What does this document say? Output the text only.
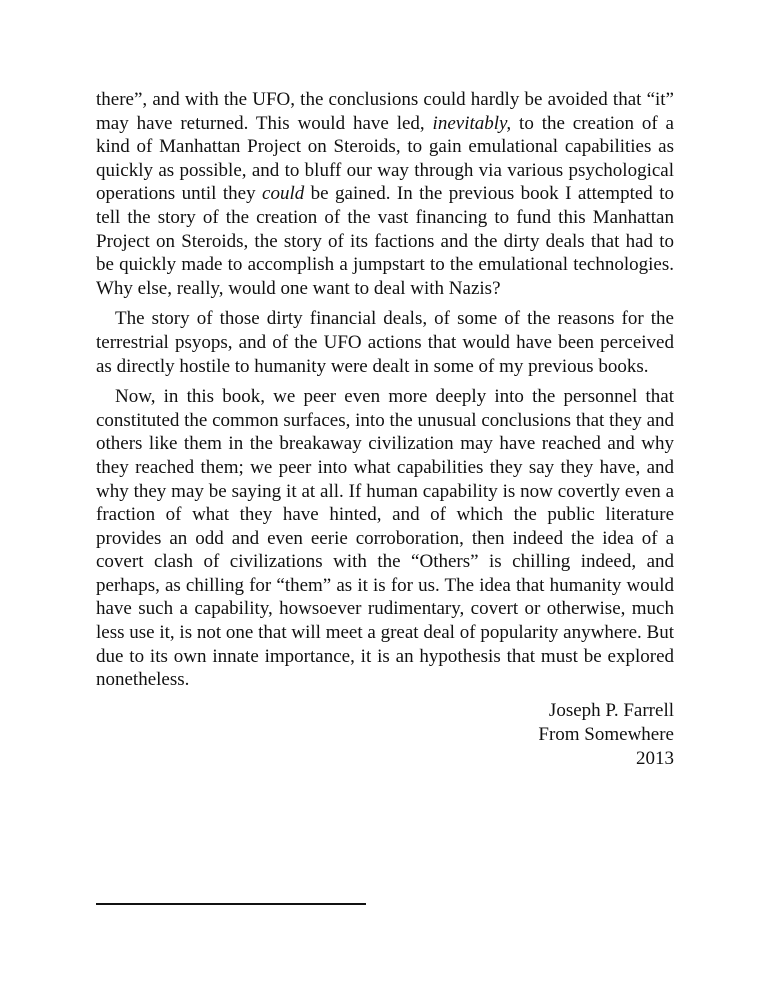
there”, and with the UFO, the conclusions could hardly be avoided that “it” may have returned. This would have led, inevitably, to the creation of a kind of Manhattan Project on Steroids, to gain emulational capabilities as quickly as possible, and to bluff our way through via various psychological operations until they could be gained. In the previous book I attempted to tell the story of the creation of the vast financing to fund this Manhattan Project on Steroids, the story of its factions and the dirty deals that had to be quickly made to accomplish a jumpstart to the emulational technologies. Why else, really, would one want to deal with Nazis?

The story of those dirty financial deals, of some of the reasons for the terrestrial psyops, and of the UFO actions that would have been perceived as directly hostile to humanity were dealt in some of my previous books.

Now, in this book, we peer even more deeply into the personnel that constituted the common surfaces, into the unusual conclusions that they and others like them in the breakaway civilization may have reached and why they reached them; we peer into what capabilities they say they have, and why they may be saying it at all. If human capability is now covertly even a fraction of what they have hinted, and of which the public literature provides an odd and even eerie corroboration, then indeed the idea of a covert clash of civilizations with the “Others” is chilling indeed, and perhaps, as chilling for “them” as it is for us. The idea that humanity would have such a capability, howsoever rudimentary, covert or otherwise, much less use it, is not one that will meet a great deal of popularity anywhere. But due to its own innate importance, it is an hypothesis that must be explored nonetheless.

Joseph P. Farrell
From Somewhere
2013
